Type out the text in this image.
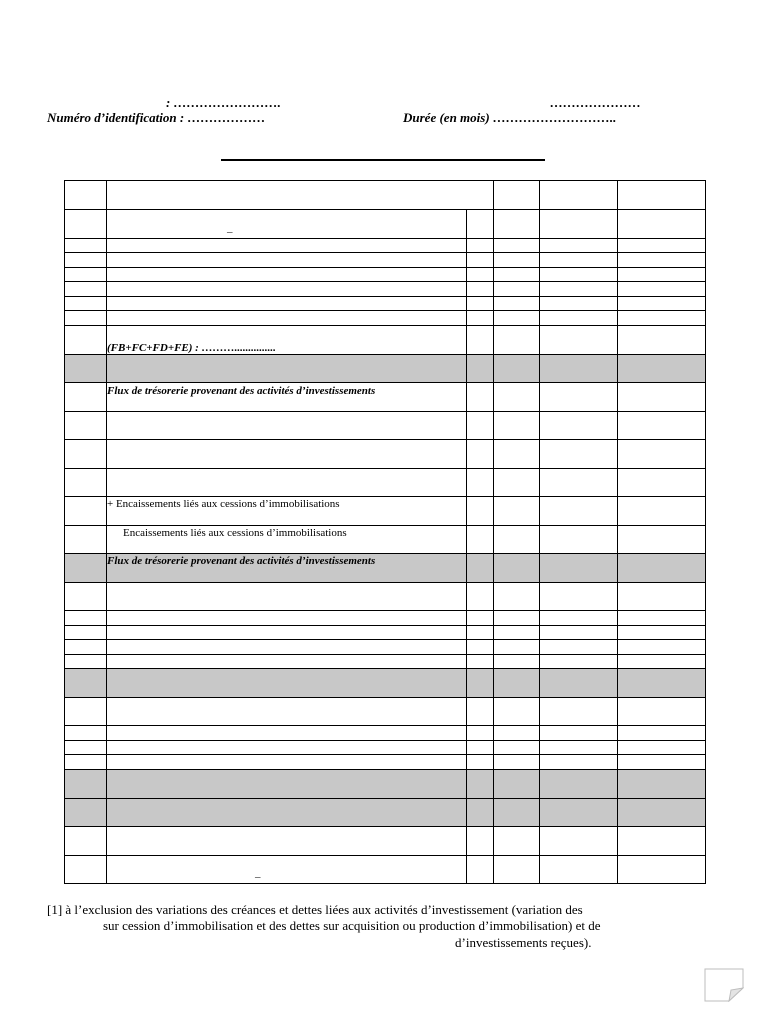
: …………………….	…………………
Numéro d’identification : ………………	Durée (en mois) ………………………..

	–				

	(FB+FC+FD+FE) : ………...............				

	Flux de trésorerie provenant des activités d’investissements				

	+ Encaissements liés aux cessions d’immobilisations				
	Encaissements liés aux cessions d’immobilisations				
	Flux de trésorerie provenant des activités d’investissements				

	–				
[1] à l’exclusion des variations des créances et dettes liées aux activités d’investissement (variation des
sur cession d’immobilisation et des dettes sur acquisition ou production d’immobilisation) et de
d’investissements reçues).
